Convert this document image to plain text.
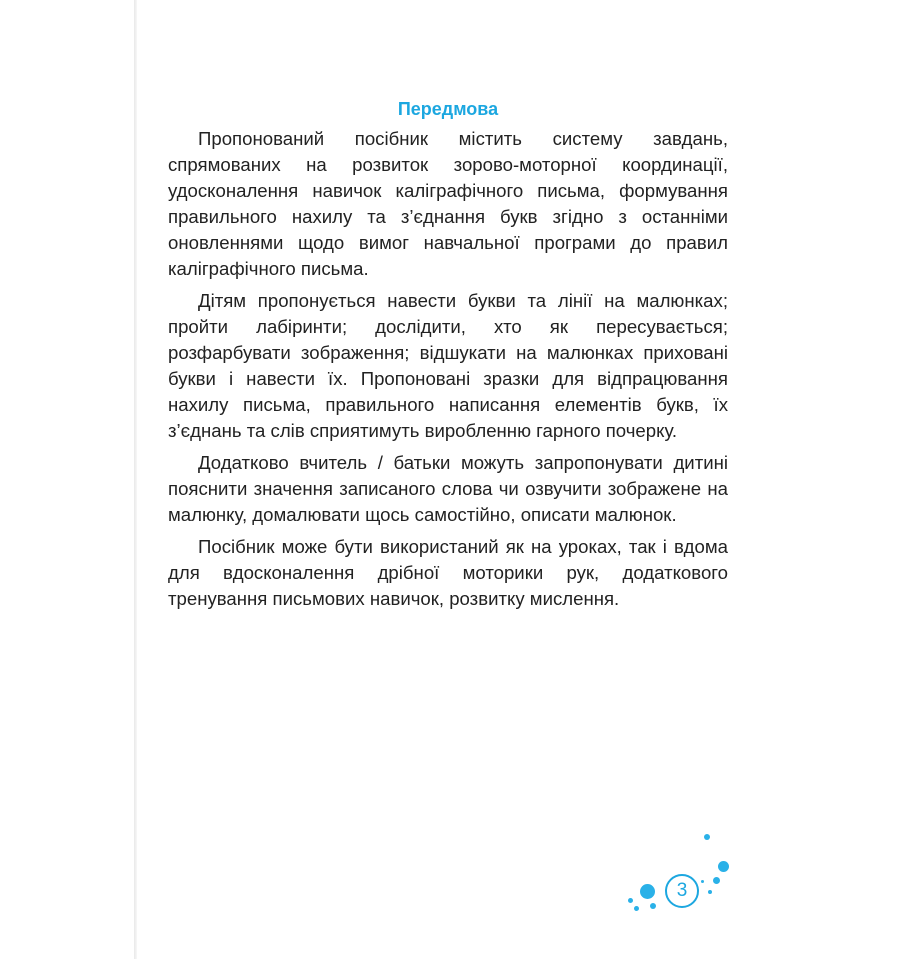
Передмова

Пропонований посібник містить систему завдань, спрямованих на розвиток зорово-моторної координації, удосконалення навичок каліграфічного письма, формування правильного нахилу та з’єднання букв згідно з останніми оновленнями щодо вимог навчальної програми до правил каліграфічного письма.

Дітям пропонується навести букви та лінії на малюнках; пройти лабіринти; дослідити, хто як пересувається; розфарбувати зображення; відшукати на малюнках приховані букви і навести їх. Пропоновані зразки для відпрацювання нахилу письма, правильного написання елементів букв, їх з’єднань та слів сприятимуть виробленню гарного почерку.

Додатково вчитель / батьки можуть запропонувати дитині пояснити значення записаного слова чи озвучити зображене на малюнку, домалювати щось самостійно, описати малюнок.

Посібник може бути використаний як на уроках, так і вдома для вдосконалення дрібної моторики рук, додаткового тренування письмових навичок, розвитку мислення.

3
